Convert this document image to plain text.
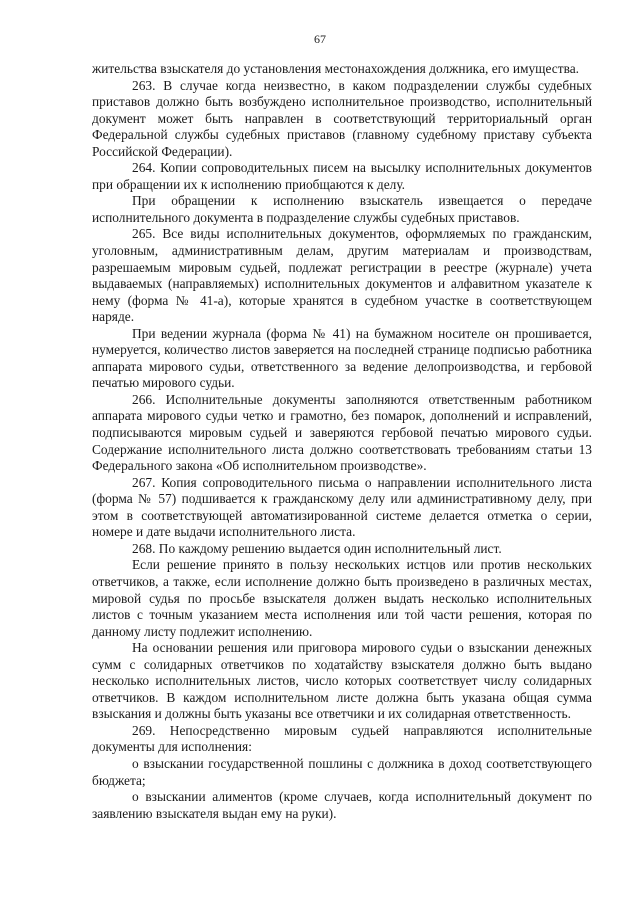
67

жительства взыскателя до установления местонахождения должника, его имущества.

263. В случае когда неизвестно, в каком подразделении службы судебных приставов должно быть возбуждено исполнительное производство, исполнительный документ может быть направлен в соответствующий территориальный орган Федеральной службы судебных приставов (главному судебному приставу субъекта Российской Федерации).

264. Копии сопроводительных писем на высылку исполнительных документов при обращении их к исполнению приобщаются к делу.

При обращении к исполнению взыскатель извещается о передаче исполнительного документа в подразделение службы судебных приставов.

265. Все виды исполнительных документов, оформляемых по гражданским, уголовным, административным делам, другим материалам и производствам, разрешаемым мировым судьей, подлежат регистрации в реестре (журнале) учета выдаваемых (направляемых) исполнительных документов и алфавитном указателе к нему (форма № 41-а), которые хранятся в судебном участке в соответствующем наряде.

При ведении журнала (форма № 41) на бумажном носителе он прошивается, нумеруется, количество листов заверяется на последней странице подписью работника аппарата мирового судьи, ответственного за ведение делопроизводства, и гербовой печатью мирового судьи.

266. Исполнительные документы заполняются ответственным работником аппарата мирового судьи четко и грамотно, без помарок, дополнений и исправлений, подписываются мировым судьей и заверяются гербовой печатью мирового судьи. Содержание исполнительного листа должно соответствовать требованиям статьи 13 Федерального закона «Об исполнительном производстве».

267. Копия сопроводительного письма о направлении исполнительного листа (форма № 57) подшивается к гражданскому делу или административному делу, при этом в соответствующей автоматизированной системе делается отметка о серии, номере и дате выдачи исполнительного листа.

268. По каждому решению выдается один исполнительный лист.

Если решение принято в пользу нескольких истцов или против нескольких ответчиков, а также, если исполнение должно быть произведено в различных местах, мировой судья по просьбе взыскателя должен выдать несколько исполнительных листов с точным указанием места исполнения или той части решения, которая по данному листу подлежит исполнению.

На основании решения или приговора мирового судьи о взыскании денежных сумм с солидарных ответчиков по ходатайству взыскателя должно быть выдано несколько исполнительных листов, число которых соответствует числу солидарных ответчиков. В каждом исполнительном листе должна быть указана общая сумма взыскания и должны быть указаны все ответчики и их солидарная ответственность.

269. Непосредственно мировым судьей направляются исполнительные документы для исполнения:

о взыскании государственной пошлины с должника в доход соответствующего бюджета;

о взыскании алиментов (кроме случаев, когда исполнительный документ по заявлению взыскателя выдан ему на руки).
